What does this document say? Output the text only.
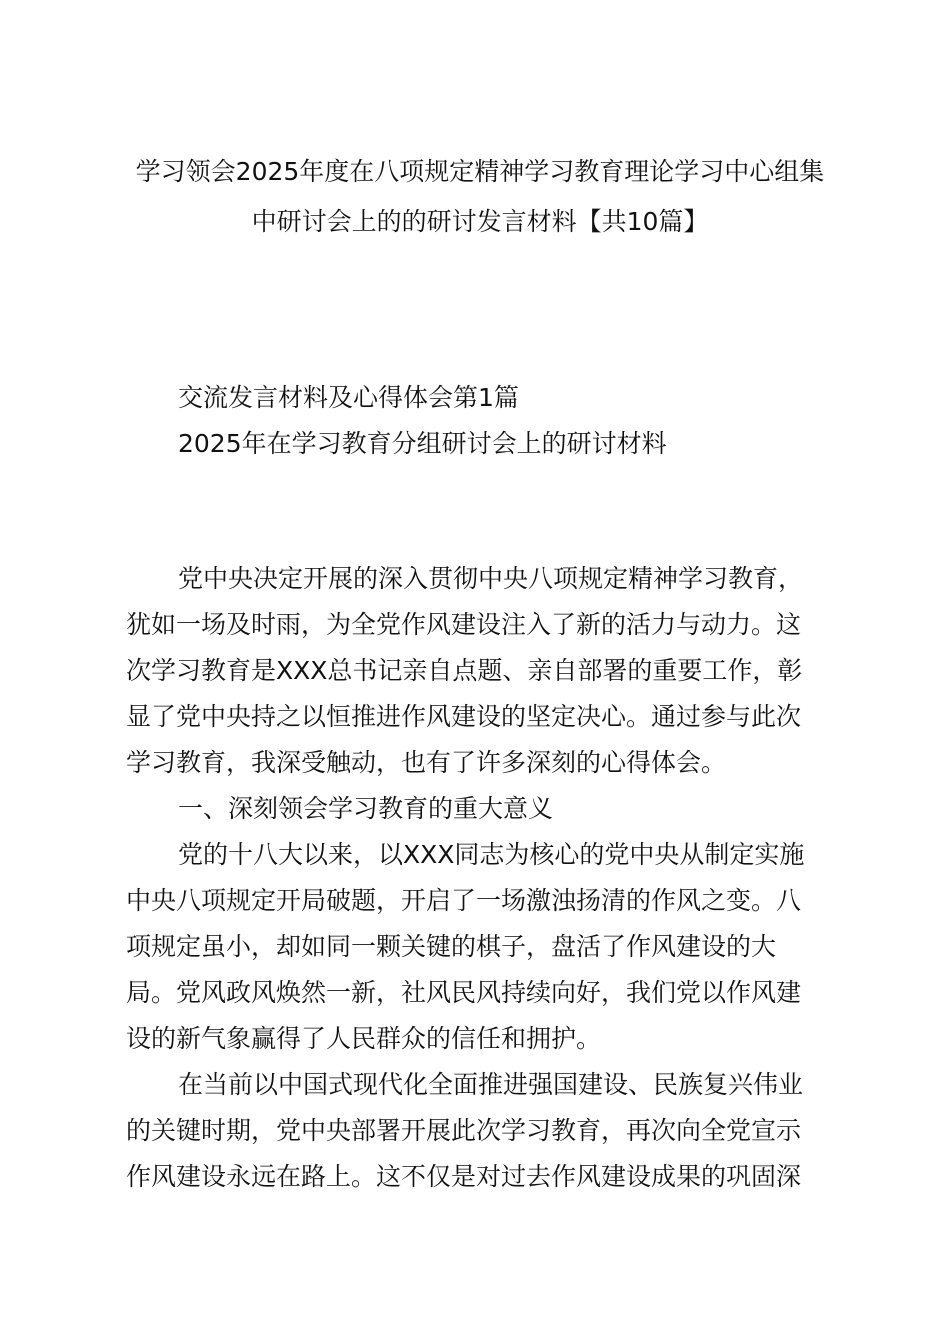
学习领会2025年度在八项规定精神学习教育理论学习中心组集
中研讨会上的的研讨发言材料【共10篇】
交流发言材料及心得体会第1篇
2025年在学习教育分组研讨会上的研讨材料
党中央决定开展的深入贯彻中央八项规定精神学习教育，
犹如一场及时雨，为全党作风建设注入了新的活力与动力。这
次学习教育是XXX总书记亲自点题、亲自部署的重要工作，彰
显了党中央持之以恒推进作风建设的坚定决心。通过参与此次
学习教育，我深受触动，也有了许多深刻的心得体会。
一、深刻领会学习教育的重大意义
党的十八大以来，以XXX同志为核心的党中央从制定实施
中央八项规定开局破题，开启了一场激浊扬清的作风之变。八
项规定虽小，却如同一颗关键的棋子，盘活了作风建设的大
局。党风政风焕然一新，社风民风持续向好，我们党以作风建
设的新气象赢得了人民群众的信任和拥护。
在当前以中国式现代化全面推进强国建设、民族复兴伟业
的关键时期，党中央部署开展此次学习教育，再次向全党宣示
作风建设永远在路上。这不仅是对过去作风建设成果的巩固深
